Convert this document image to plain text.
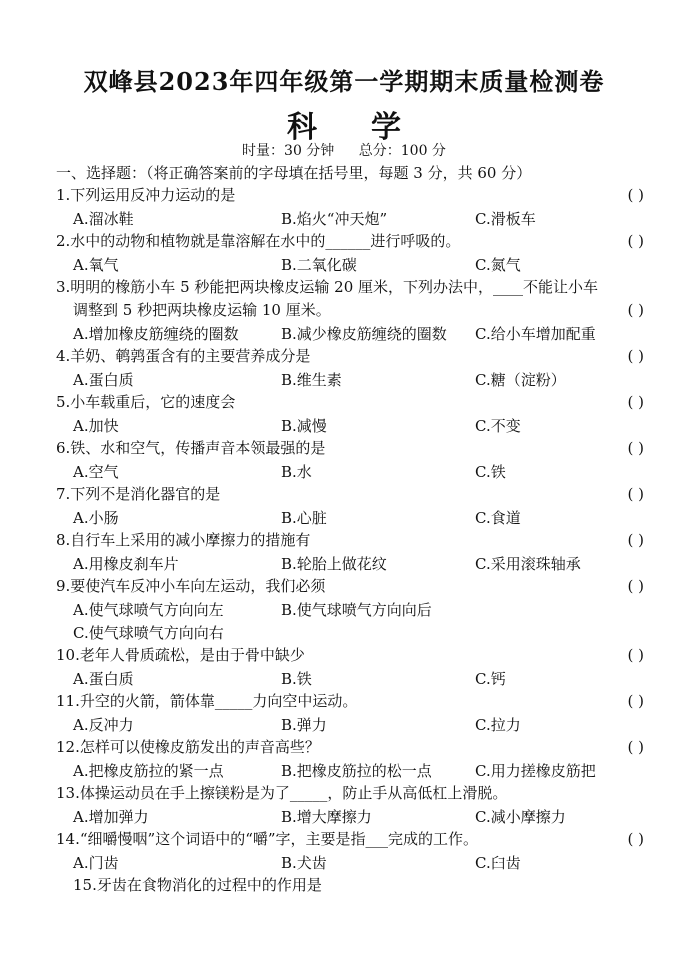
双峰县2023年四年级第一学期期末质量检测卷
科学
时量：30 分钟 总分：100 分
一、选择题：（将正确答案前的字母填在括号里，每题 3 分，共 60 分）
1.下列运用反冲力运动的是	( )
A.溜冰鞋	B.焰火“冲天炮”	C.滑板车
2.水中的动物和植物就是靠溶解在水中的______进行呼吸的。	( )
A.氧气	B.二氧化碳	C.氮气
3.明明的橡筋小车 5 秒能把两块橡皮运输 20 厘米，下列办法中，____不能让小车
调整到 5 秒把两块橡皮运输 10 厘米。	( )
A.增加橡皮筋缠绕的圈数	B.减少橡皮筋缠绕的圈数 C.给小车增加配重
4.羊奶、鹌鹑蛋含有的主要营养成分是	( )
A.蛋白质	B.维生素	C.糖（淀粉）
5.小车载重后，它的速度会	( )
A.加快	B.减慢	C.不变
6.铁、水和空气，传播声音本领最强的是	( )
A.空气	B.水	C.铁
7.下列不是消化器官的是	( )
A.小肠	B.心脏	C.食道
8.自行车上采用的减小摩擦力的措施有	( )
A.用橡皮刹车片	B.轮胎上做花纹	C.采用滚珠轴承
9.要使汽车反冲小车向左运动，我们必须	( )
A.使气球喷气方向向左	B.使气球喷气方向向后
C.使气球喷气方向向右
10.老年人骨质疏松，是由于骨中缺少	( )
A.蛋白质	B.铁	C.钙
11.升空的火箭，箭体靠_____力向空中运动。	( )
A.反冲力	B.弹力	C.拉力
12.怎样可以使橡皮筋发出的声音高些？	( )
A.把橡皮筋拉的紧一点	B.把橡皮筋拉的松一点	C.用力搓橡皮筋把
13.体操运动员在手上擦镁粉是为了_____，防止手从高低杠上滑脱。
A.增加弹力	B.增大摩擦力	C.减小摩擦力
14.“细嚼慢咽”这个词语中的“嚼”字，主要是指___完成的工作。	( )
A.门齿	B.犬齿	C.臼齿
15.牙齿在食物消化的过程中的作用是
